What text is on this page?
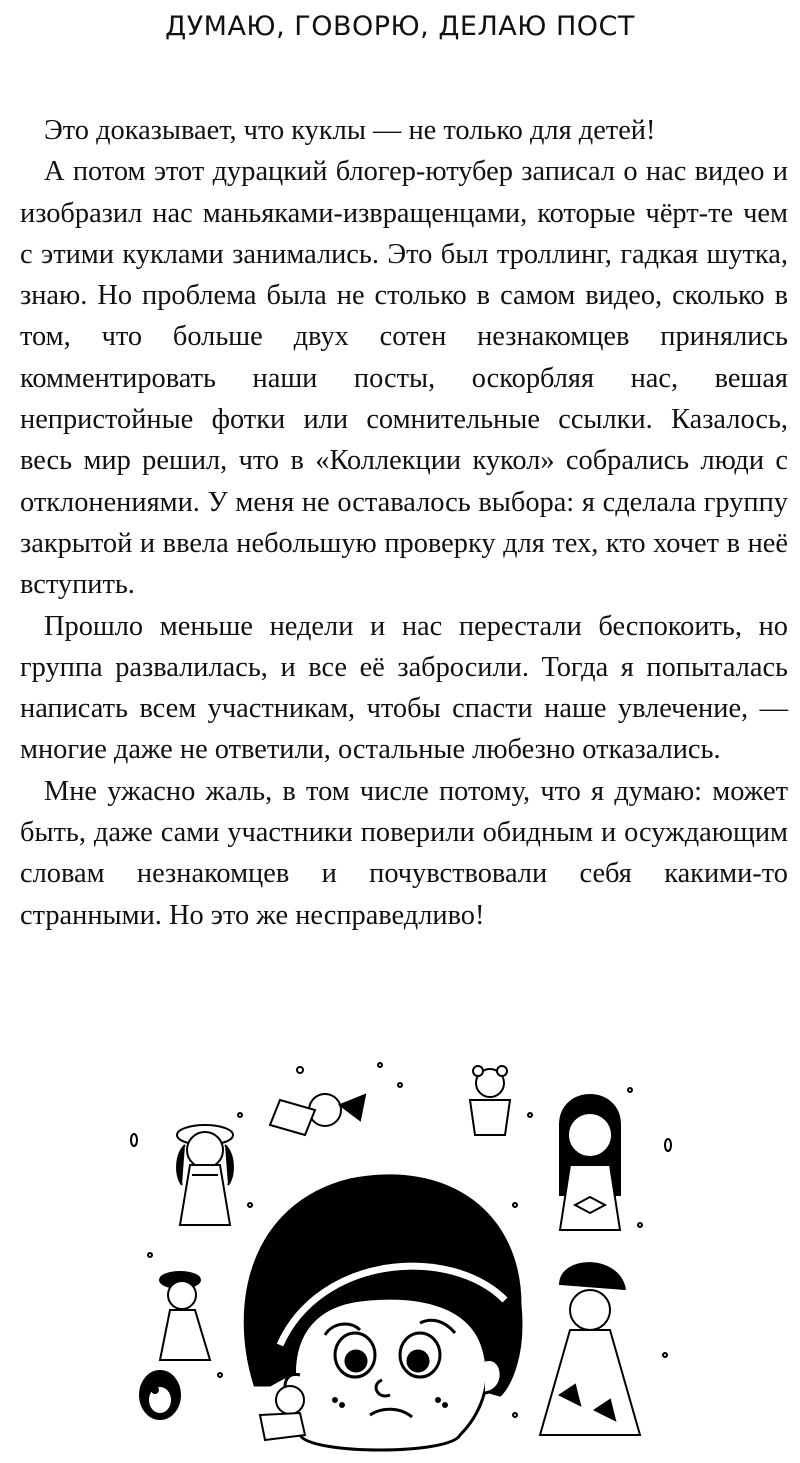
ДУМАЮ, ГОВОРЮ, ДЕЛАЮ ПОСТ

Это доказывает, что куклы — не только для детей!

А потом этот дурацкий блогер-ютубер записал о нас видео и изобразил нас маньяками-извращенцами, которые чёрт-те чем с этими куклами занимались. Это был троллинг, гадкая шутка, знаю. Но проблема была не столько в самом видео, сколько в том, что больше двух сотен незнакомцев принялись комментировать наши посты, оскорбляя нас, вешая непристойные фотки или сомнительные ссылки. Казалось, весь мир решил, что в «Коллекции кукол» собрались люди с отклонениями. У меня не оставалось выбора: я сделала группу закрытой и ввела небольшую проверку для тех, кто хочет в неё вступить.

Прошло меньше недели и нас перестали беспокоить, но группа развалилась, и все её забросили. Тогда я попыталась написать всем участникам, чтобы спасти наше увлечение, — многие даже не ответили, остальные любезно отказались.

Мне ужасно жаль, в том числе потому, что я думаю: может быть, даже сами участники поверили обидным и осуждающим словам незнакомцев и почувствовали себя какими-то странными. Но это же несправедливо!
